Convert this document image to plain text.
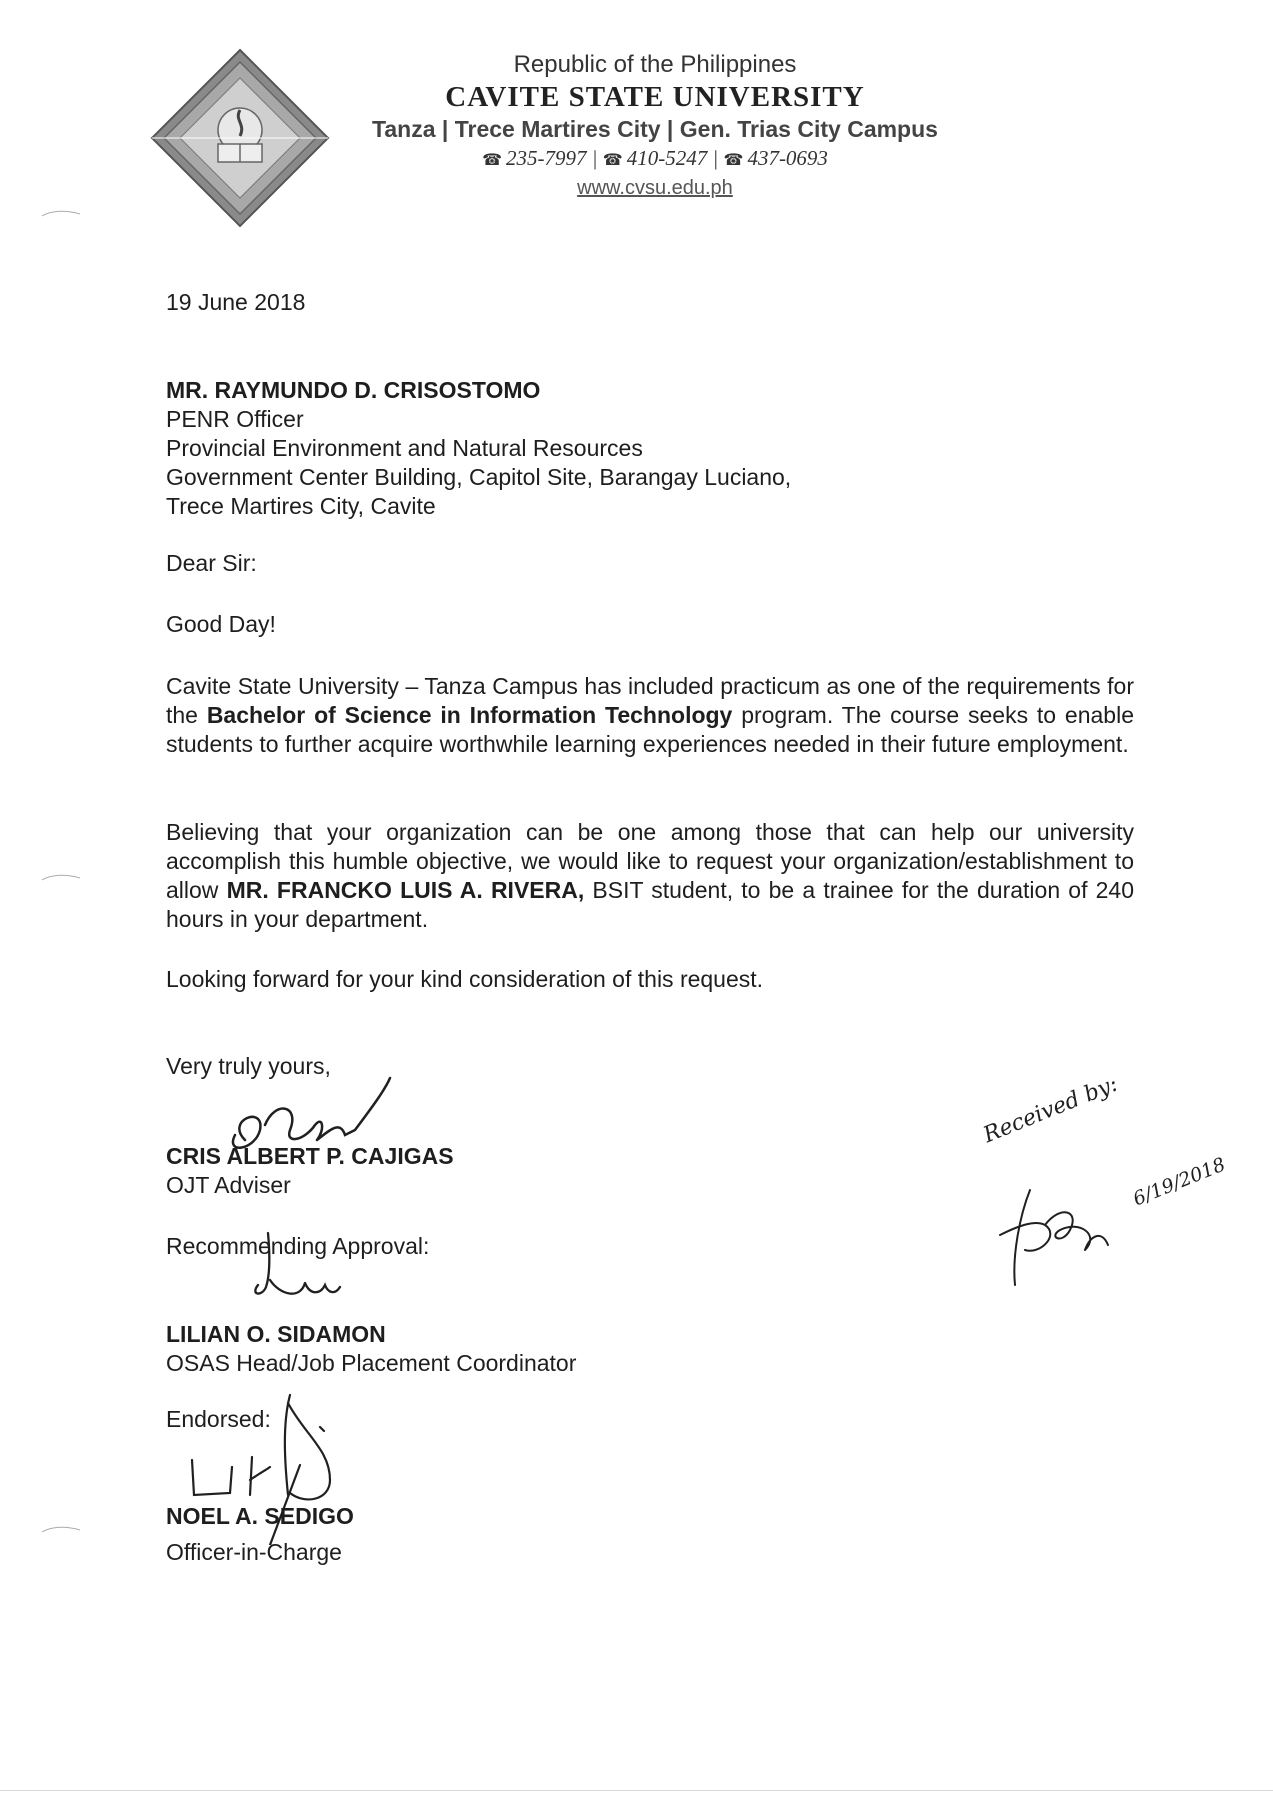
Republic of the Philippines
CAVITE STATE UNIVERSITY
Tanza | Trece Martires City | Gen. Trias City Campus
☎ 235-7997 | ☎ 410-5247 | ☎ 437-0693
www.cvsu.edu.ph
19 June 2018
MR. RAYMUNDO D. CRISOSTOMO
PENR Officer
Provincial Environment and Natural Resources
Government Center Building, Capitol Site, Barangay Luciano,
Trece Martires City, Cavite
Dear Sir:
Good Day!
Cavite State University – Tanza Campus has included practicum as one of the requirements for the Bachelor of Science in Information Technology program. The course seeks to enable students to further acquire worthwhile learning experiences needed in their future employment.
Believing that your organization can be one among those that can help our university accomplish this humble objective, we would like to request your organization/establishment to allow MR. FRANCKO LUIS A. RIVERA, BSIT student, to be a trainee for the duration of 240 hours in your department.
Looking forward for your kind consideration of this request.
Very truly yours,
CRIS ALBERT P. CAJIGAS
OJT Adviser
Recommending Approval:
LILIAN O. SIDAMON
OSAS Head/Job Placement Coordinator
Endorsed:
NOEL A. SEDIGO
Officer-in-Charge
Received by:
6/19/2018
